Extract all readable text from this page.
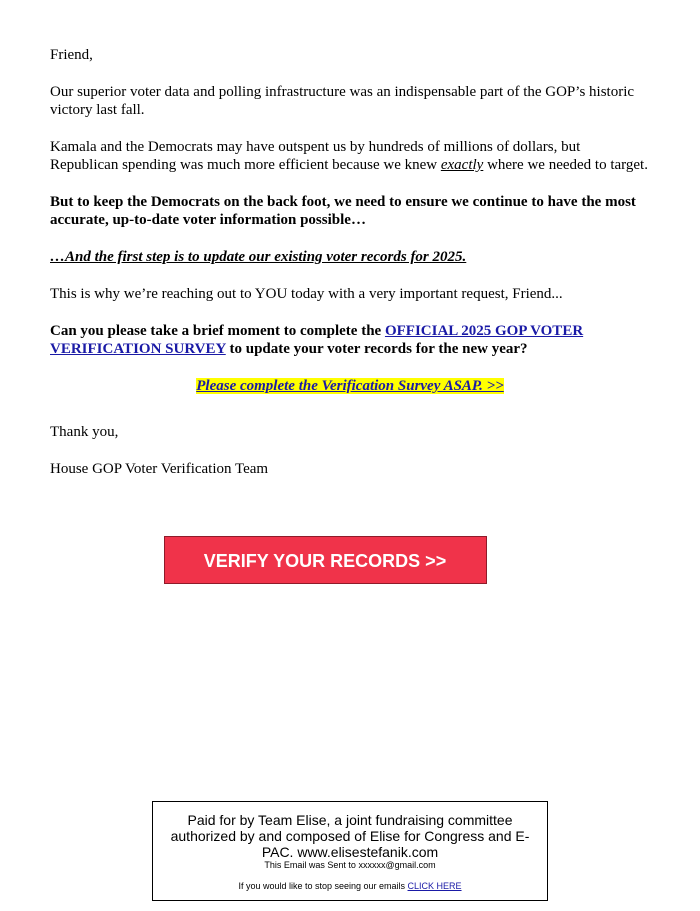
Friend,

Our superior voter data and polling infrastructure was an indispensable part of the GOP’s historic victory last fall.

Kamala and the Democrats may have outspent us by hundreds of millions of dollars, but Republican spending was much more efficient because we knew exactly where we needed to target.

But to keep the Democrats on the back foot, we need to ensure we continue to have the most accurate, up-to-date voter information possible…

…And the first step is to update our existing voter records for 2025.

This is why we’re reaching out to YOU today with a very important request, Friend...

Can you please take a brief moment to complete the OFFICIAL 2025 GOP VOTER VERIFICATION SURVEY to update your voter records for the new year?

Please complete the Verification Survey ASAP. >>

Thank you,

House GOP Voter Verification Team

VERIFY YOUR RECORDS >>
Paid for by Team Elise, a joint fundraising committee authorized by and composed of Elise for Congress and E-PAC. www.elisestefanik.com
This Email was Sent to xxxxxx@gmail.com
If you would like to stop seeing our emails CLICK HERE
